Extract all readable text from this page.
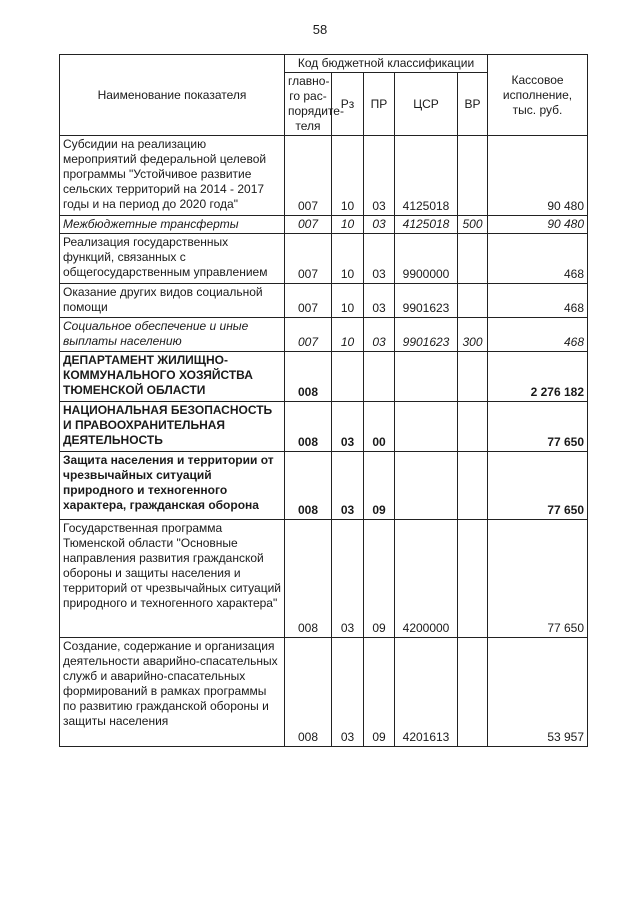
58
Наименование показателя	Код бюджетной классификации					Кассовое исполнение, тыс. руб.
	главно-го рас-порядите-теля	Рз	ПР	ЦСР	ВР	
Субсидии на реализацию мероприятий федеральной целевой программы "Устойчивое развитие сельских территорий на 2014 - 2017 годы и на период до 2020 года"	007	10	03	4125018		90 480
Межбюджетные трансферты	007	10	03	4125018	500	90 480
Реализация государственных функций, связанных с общегосударственным управлением	007	10	03	9900000		468
Оказание других видов социальной помощи	007	10	03	9901623		468
Социальное обеспечение и иные выплаты населению	007	10	03	9901623	300	468
ДЕПАРТАМЕНТ ЖИЛИЩНО-КОММУНАЛЬНОГО ХОЗЯЙСТВА ТЮМЕНСКОЙ ОБЛАСТИ	008					2 276 182
НАЦИОНАЛЬНАЯ БЕЗОПАСНОСТЬ И ПРАВООХРАНИТЕЛЬНАЯ ДЕЯТЕЛЬНОСТЬ	008	03	00			77 650
Защита населения и территории от чрезвычайных ситуаций природного и техногенного характера, гражданская оборона	008	03	09			77 650
Государственная программа Тюменской области "Основные направления развития гражданской обороны и защиты населения и территорий от чрезвычайных ситуаций природного и техногенного характера"	008	03	09	4200000		77 650
Создание, содержание и организация деятельности аварийно-спасательных служб и аварийно-спасательных формирований в рамках программы по развитию гражданской обороны и защиты населения	008	03	09	4201613		53 957
